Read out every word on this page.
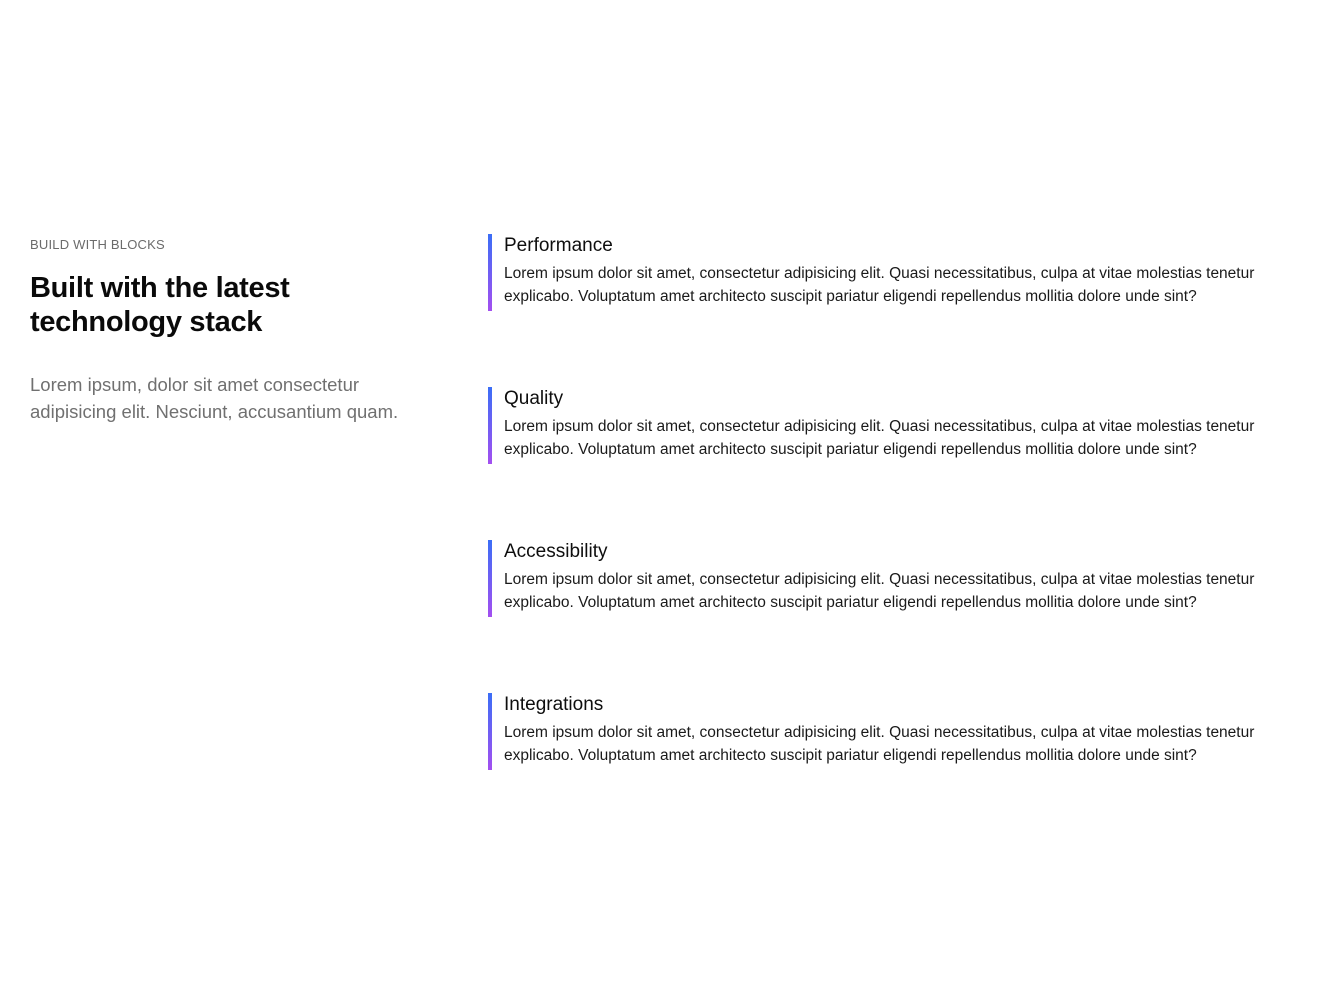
BUILD WITH BLOCKS

Built with the latest
technology stack

Lorem ipsum, dolor sit amet consectetur adipisicing elit. Nesciunt, accusantium quam.

Performance

Lorem ipsum dolor sit amet, consectetur adipisicing elit. Quasi necessitatibus, culpa at vitae molestias tenetur
explicabo. Voluptatum amet architecto suscipit pariatur eligendi repellendus mollitia dolore unde sint?

Quality

Lorem ipsum dolor sit amet, consectetur adipisicing elit. Quasi necessitatibus, culpa at vitae molestias tenetur
explicabo. Voluptatum amet architecto suscipit pariatur eligendi repellendus mollitia dolore unde sint?

Accessibility

Lorem ipsum dolor sit amet, consectetur adipisicing elit. Quasi necessitatibus, culpa at vitae molestias tenetur
explicabo. Voluptatum amet architecto suscipit pariatur eligendi repellendus mollitia dolore unde sint?

Integrations

Lorem ipsum dolor sit amet, consectetur adipisicing elit. Quasi necessitatibus, culpa at vitae molestias tenetur
explicabo. Voluptatum amet architecto suscipit pariatur eligendi repellendus mollitia dolore unde sint?
